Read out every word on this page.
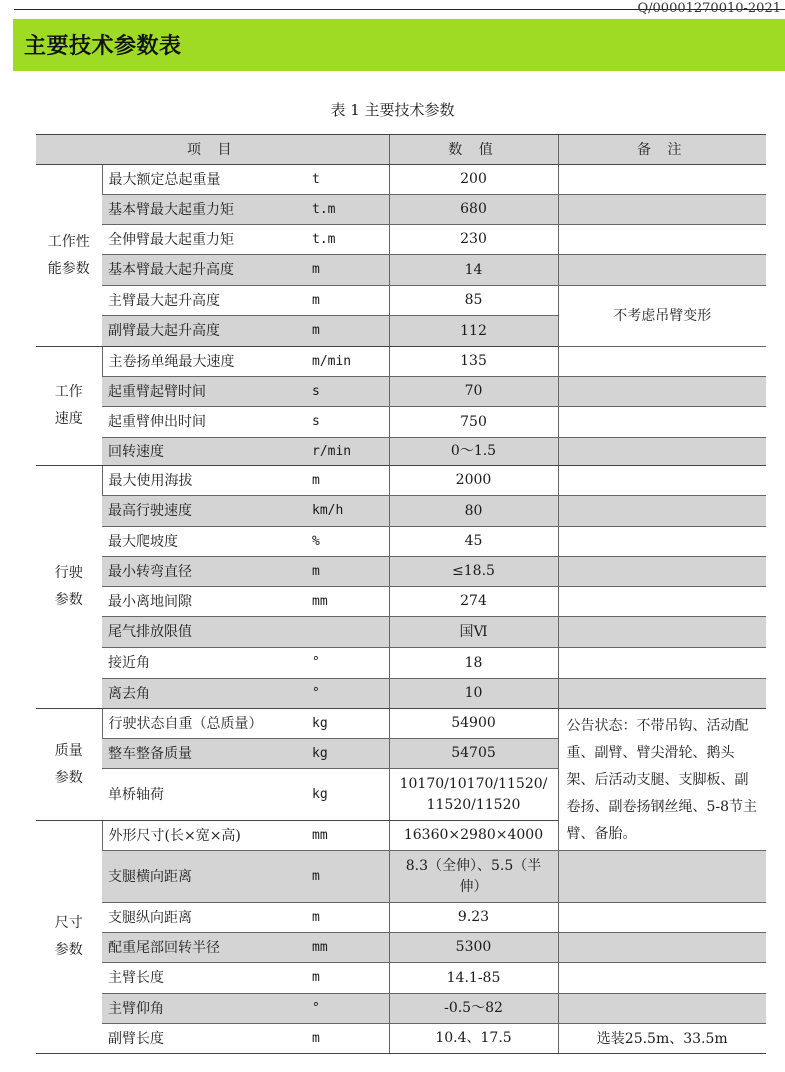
Q/00001270010-2021
主要技术参数表
表 1 主要技术参数
项 目			数 值	备 注
工作性
能参数	最大额定总起重量	t	200	
	基本臂最大起重力矩	t.m	680	
	全伸臂最大起重力矩	t.m	230	
	基本臂最大起升高度	m	14	
	主臂最大起升高度	m	85	不考虑吊臂变形
	副臂最大起升高度	m	112	
工作
速度	主卷扬单绳最大速度	m/min	135	
	起重臂起臂时间	s	70	
	起重臂伸出时间	s	750	
	回转速度	r/min	0～1.5	
行驶
参数	最大使用海拔	m	2000	
	最高行驶速度	km/h	80	
	最大爬坡度	%	45	
	最小转弯直径	m	≤18.5	
	最小离地间隙	mm	274	
	尾气排放限值		国Ⅵ	
	接近角	°	18	
	离去角	°	10	
质量
参数	行驶状态自重（总质量）	kg	54900	公告状态：不带吊钩、活动配重、副臂、臂尖滑轮、鹅头架、后活动支腿、支脚板、副卷扬、副卷扬钢丝绳、5-8节主臂、备胎。
	整车整备质量	kg	54705	
	单桥轴荷	kg	10170/10170/11520/
11520/11520	
尺寸
参数	外形尺寸(长×宽×高)	mm	16360×2980×4000	
	支腿横向距离	m	8.3（全伸）、5.5（半
伸）	
	支腿纵向距离	m	9.23	
	配重尾部回转半径	mm	5300	
	主臂长度	m	14.1-85	
	主臂仰角	°	-0.5～82	
	副臂长度	m	10.4、17.5	选装25.5m、33.5m
